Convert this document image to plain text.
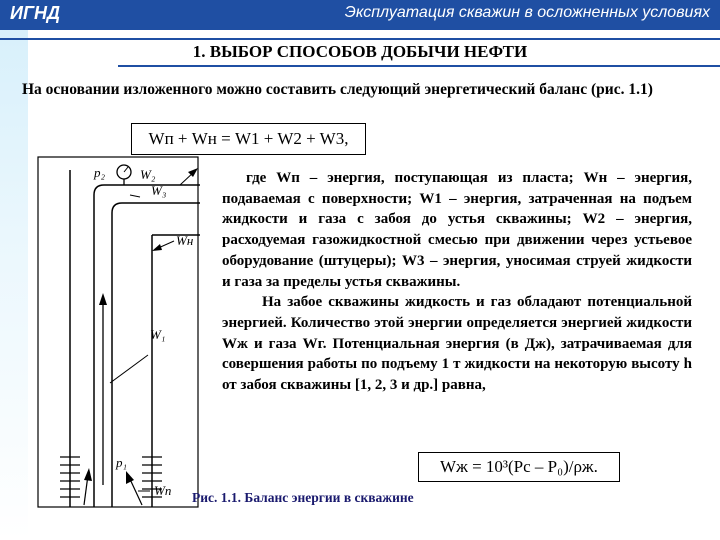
ИГНД	Эксплуатация скважин в осложненных условиях
1. ВЫБОР СПОСОБОВ ДОБЫЧИ НЕФТИ
На основании изложенного можно составить следующий энергетический баланс (рис. 1.1)
Wп + Wн = W1 + W2 + W3,
p₂	W₂
W₃
Wн
W₁
p₁
Wп

где Wп – энергия, поступающая из пласта; Wн – энергия, подаваемая с поверхности; W1 – энергия, затраченная на подъем жидкости и газа с забоя до устья скважины; W2 – энергия, расходуемая газожидкостной смесью при движении через устьевое оборудование (штуцеры); W3 – энергия, уносимая струей жидкости и газа за пределы устья скважины.

На забое скважины жидкость и газ обладают потенциальной энергией. Количество этой энергии определяется энергией жидкости Wж и газа Wг. Потенциальная энергия (в Дж), затрачиваемая для совершения работы по подъему 1 т жидкости на некоторую высоту h от забоя скважины [1, 2, 3 и др.] равна,

Wж = 10³(Pс – P₀)/ρж.
Рис. 1.1. Баланс энергии в скважине
